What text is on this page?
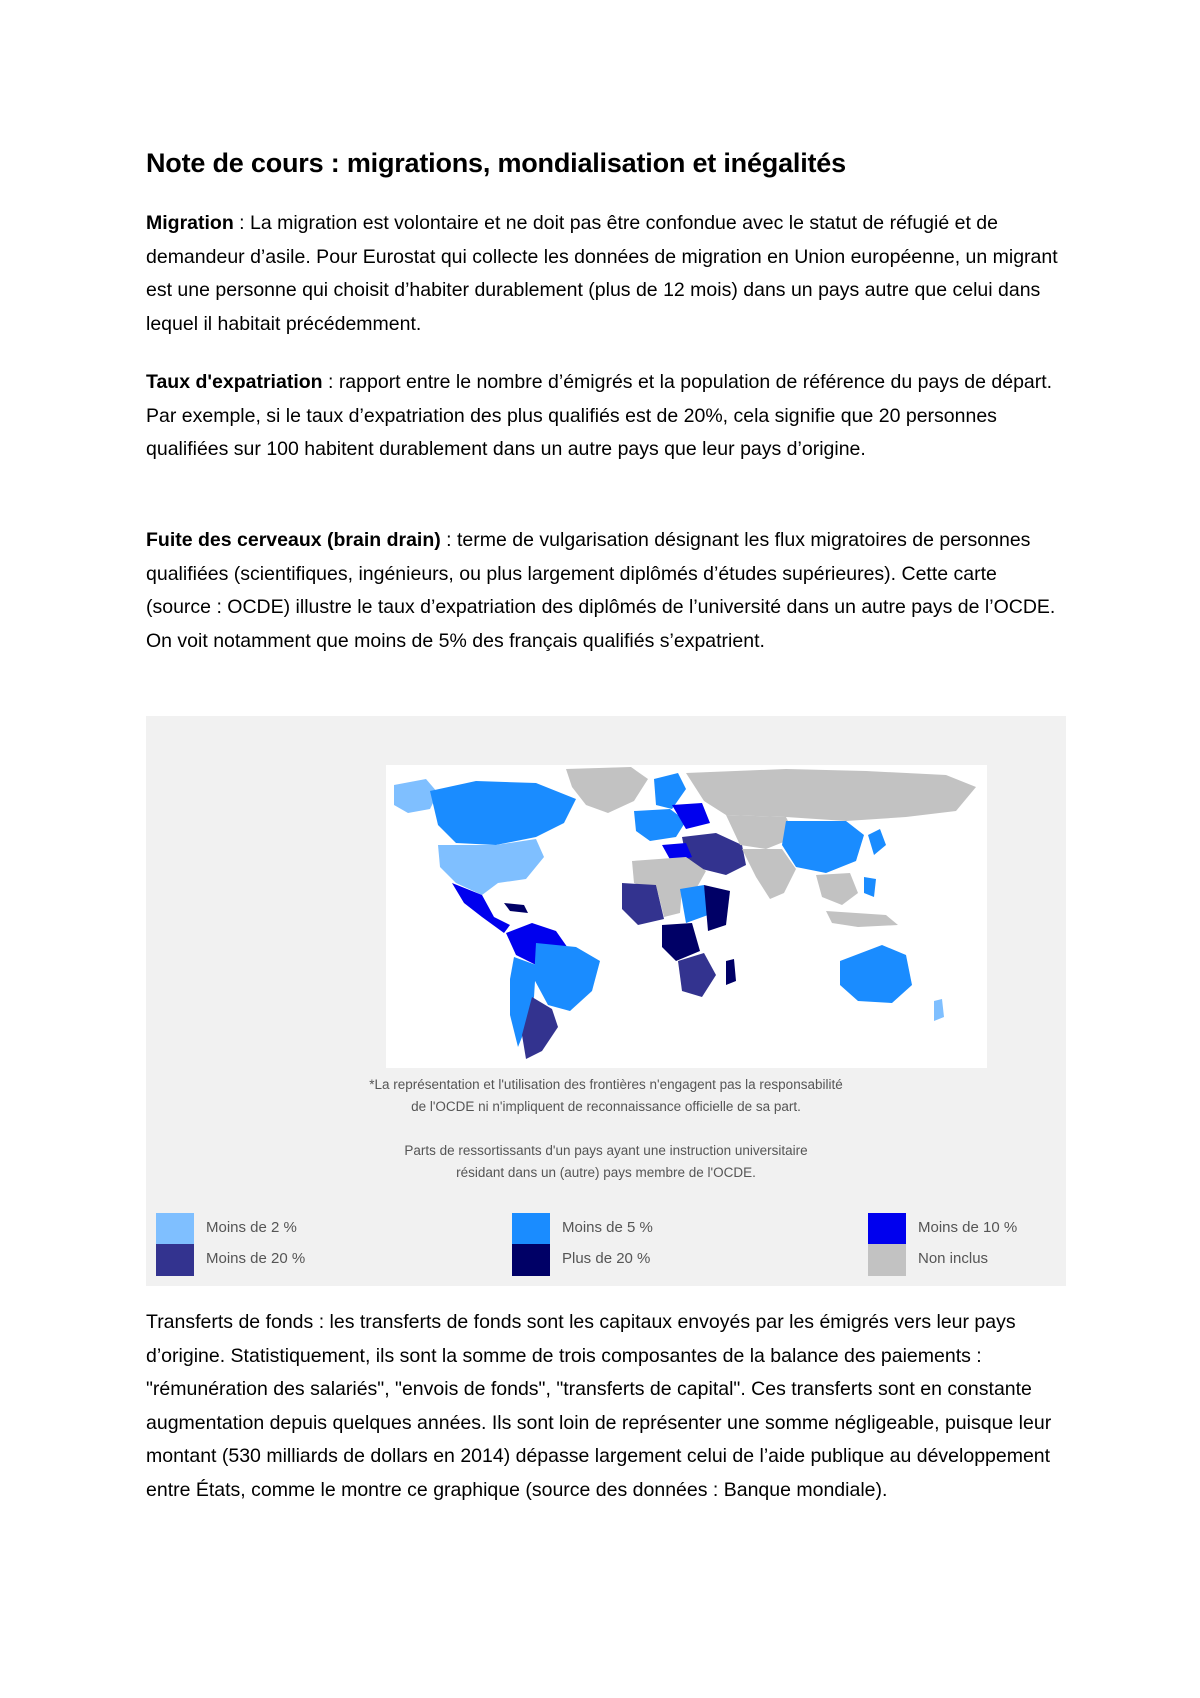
Note de cours : migrations, mondialisation et inégalités

Migration : La migration est volontaire et ne doit pas être confondue avec le statut de réfugié et de demandeur d’asile. Pour Eurostat qui collecte les données de migration en Union européenne, un migrant est une personne qui choisit d’habiter durablement (plus de 12 mois) dans un pays autre que celui dans lequel il habitait précédemment.

Taux d'expatriation : rapport entre le nombre d’émigrés et la population de référence du pays de départ. Par exemple, si le taux d’expatriation des plus qualifiés est de 20%, cela signifie que 20 personnes qualifiées sur 100 habitent durablement dans un autre pays que leur pays d’origine.

Fuite des cerveaux (brain drain) : terme de vulgarisation désignant les flux migratoires de personnes qualifiées (scientifiques, ingénieurs, ou plus largement diplômés d’études supérieures). Cette carte (source : OCDE) illustre le taux d’expatriation des diplômés de l’université dans un autre pays de l’OCDE. On voit notamment que moins de 5% des français qualifiés s’expatrient.

*La représentation et l'utilisation des frontières n'engagent pas la responsabilité
de l'OCDE ni n'impliquent de reconnaissance officielle de sa part.
Parts de ressortissants d'un pays ayant une instruction universitaire
résidant dans un (autre) pays membre de l'OCDE.
Moins de 2 %	Moins de 5 %	Moins de 10 %
Moins de 20 %	Plus de 20 %	Non inclus

Transferts de fonds : les transferts de fonds sont les capitaux envoyés par les émigrés vers leur pays d’origine. Statistiquement, ils sont la somme de trois composantes de la balance des paiements : "rémunération des salariés", "envois de fonds", "transferts de capital". Ces transferts sont en constante augmentation depuis quelques années. Ils sont loin de représenter une somme négligeable, puisque leur montant (530 milliards de dollars en 2014) dépasse largement celui de l’aide publique au développement entre États, comme le montre ce graphique (source des données : Banque mondiale).
